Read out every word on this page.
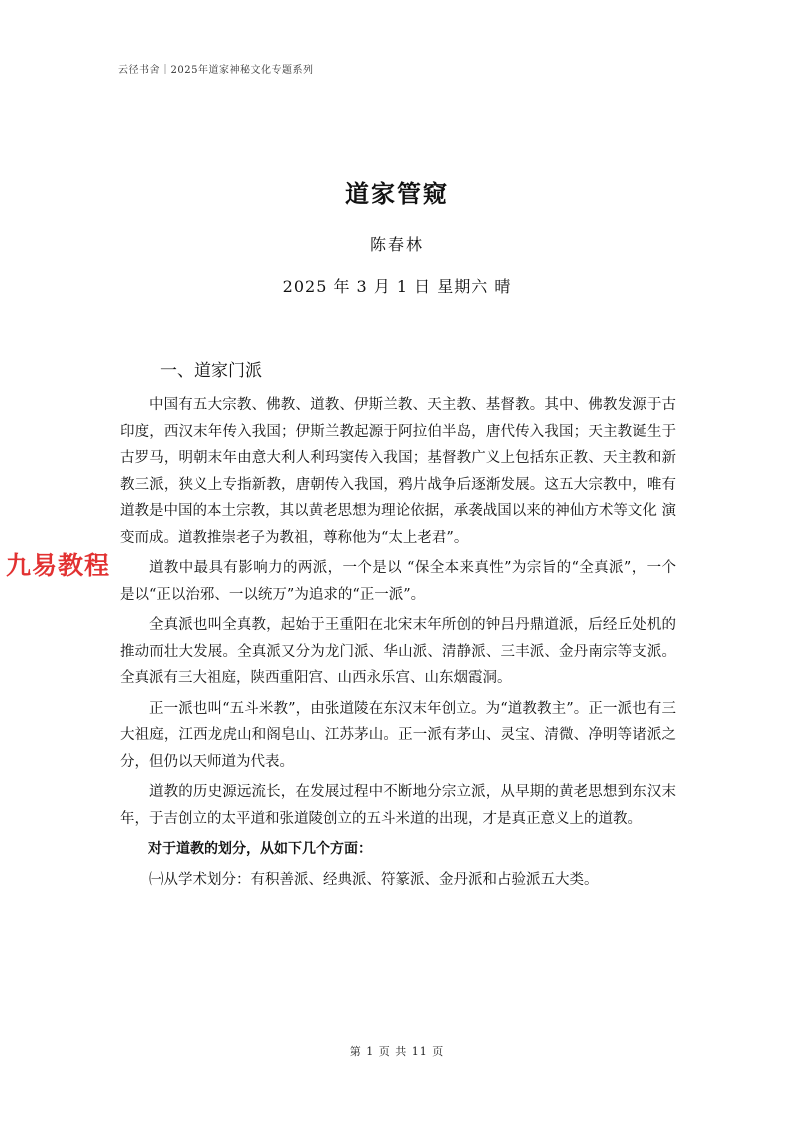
云径书舍｜2025年道家神秘文化专题系列
道家管窥
陈春林
2025 年 3 月 1 日 星期六 晴
一、道家门派

中国有五大宗教、佛教、道教、伊斯兰教、天主教、基督教。其中、佛教发源于古印度，西汉末年传入我国；伊斯兰教起源于阿拉伯半岛，唐代传入我国；天主教诞生于古罗马，明朝末年由意大利人利玛窦传入我国；基督教广义上包括东正教、天主教和新教三派，狭义上专指新教，唐朝传入我国，鸦片战争后逐渐发展。这五大宗教中，唯有道教是中国的本土宗教，其以黄老思想为理论依据，承袭战国以来的神仙方术等文化 演变而成。道教推崇老子为教祖，尊称他为“太上老君”。

道教中最具有影响力的两派，一个是以 “保全本来真性”为宗旨的“全真派”，一个是以“正以治邪、一以统万”为追求的“正一派”。

全真派也叫全真教，起始于王重阳在北宋末年所创的钟吕丹鼎道派，后经丘处机的推动而壮大发展。全真派又分为龙门派、华山派、清静派、三丰派、金丹南宗等支派。全真派有三大祖庭，陕西重阳宫、山西永乐宫、山东烟霞洞。

正一派也叫“五斗米教”，由张道陵在东汉末年创立。为“道教教主”。正一派也有三大祖庭，江西龙虎山和阁皂山、江苏茅山。正一派有茅山、灵宝、清微、净明等诸派之分，但仍以天师道为代表。

道教的历史源远流长，在发展过程中不断地分宗立派，从早期的黄老思想到东汉末年，于吉创立的太平道和张道陵创立的五斗米道的出现，才是真正意义上的道教。

对于道教的划分，从如下几个方面：

㈠从学术划分：有积善派、经典派、符篆派、金丹派和占验派五大类。

九易教程
第 1 页 共 11 页
